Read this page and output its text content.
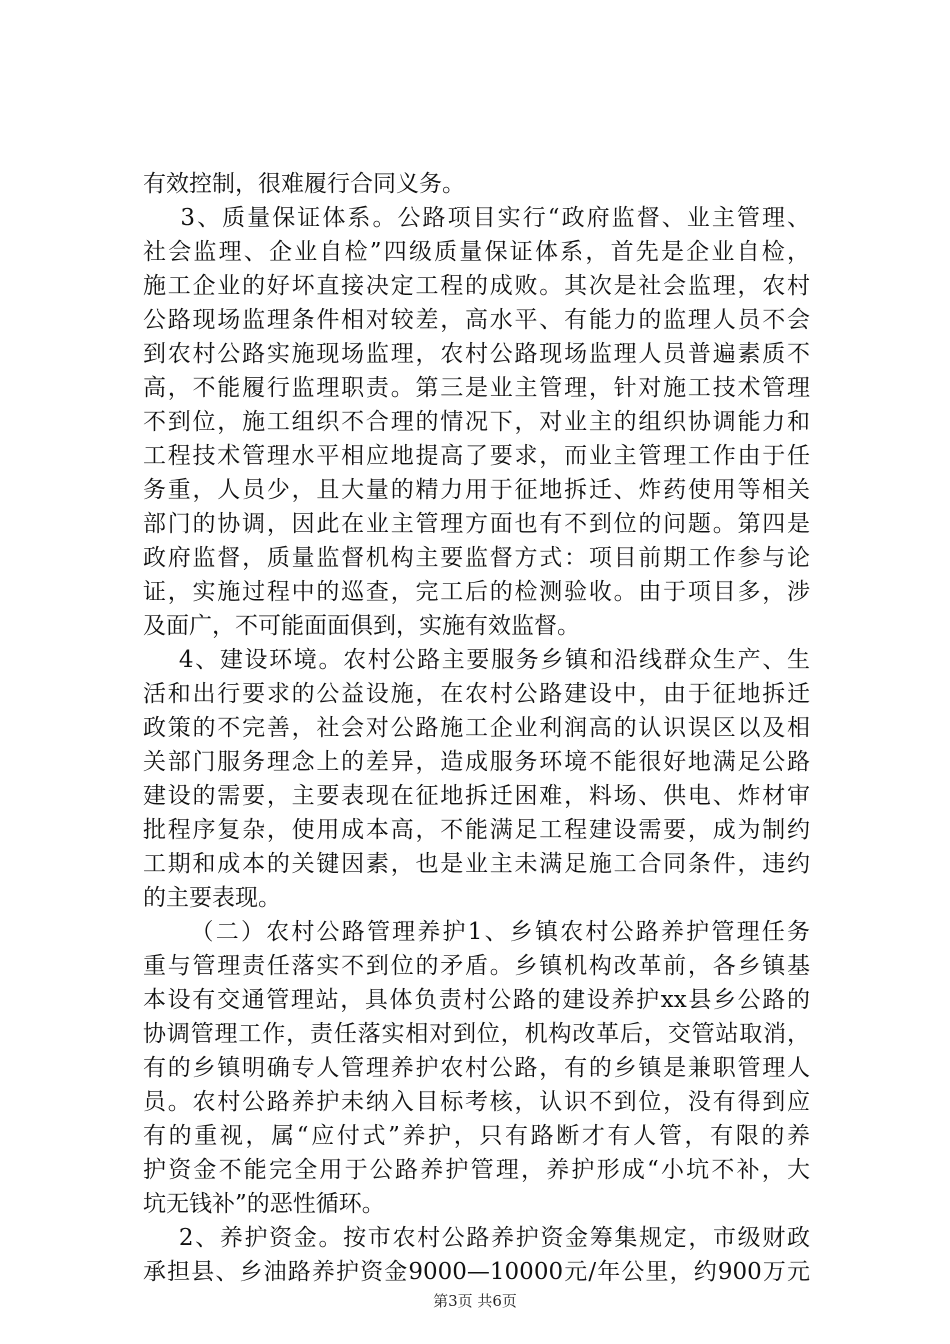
有效控制，很难履行合同义务。
3、质量保证体系。公路项目实行“政府监督、业主管理、
社会监理、企业自检”四级质量保证体系，首先是企业自检，
施工企业的好坏直接决定工程的成败。其次是社会监理，农村
公路现场监理条件相对较差，高水平、有能力的监理人员不会
到农村公路实施现场监理，农村公路现场监理人员普遍素质不
高，不能履行监理职责。第三是业主管理，针对施工技术管理
不到位，施工组织不合理的情况下，对业主的组织协调能力和
工程技术管理水平相应地提高了要求，而业主管理工作由于任
务重，人员少，且大量的精力用于征地拆迁、炸药使用等相关
部门的协调，因此在业主管理方面也有不到位的问题。第四是
政府监督，质量监督机构主要监督方式：项目前期工作参与论
证，实施过程中的巡查，完工后的检测验收。由于项目多，涉
及面广，不可能面面俱到，实施有效监督。
4、建设环境。农村公路主要服务乡镇和沿线群众生产、生
活和出行要求的公益设施，在农村公路建设中，由于征地拆迁
政策的不完善，社会对公路施工企业利润高的认识误区以及相
关部门服务理念上的差异，造成服务环境不能很好地满足公路
建设的需要，主要表现在征地拆迁困难，料场、供电、炸材审
批程序复杂，使用成本高，不能满足工程建设需要，成为制约
工期和成本的关键因素，也是业主未满足施工合同条件，违约
的主要表现。
（二）农村公路管理养护1、乡镇农村公路养护管理任务
重与管理责任落实不到位的矛盾。乡镇机构改革前，各乡镇基
本设有交通管理站，具体负责村公路的建设养护xx县乡公路的
协调管理工作，责任落实相对到位，机构改革后，交管站取消，
有的乡镇明确专人管理养护农村公路，有的乡镇是兼职管理人
员。农村公路养护未纳入目标考核，认识不到位，没有得到应
有的重视，属“应付式”养护，只有路断才有人管，有限的养
护资金不能完全用于公路养护管理，养护形成“小坑不补，大
坑无钱补”的恶性循环。
2、养护资金。按市农村公路养护资金筹集规定，市级财政
承担县、乡油路养护资金9000—10000元/年公里，约900万元
第3页 共6页
